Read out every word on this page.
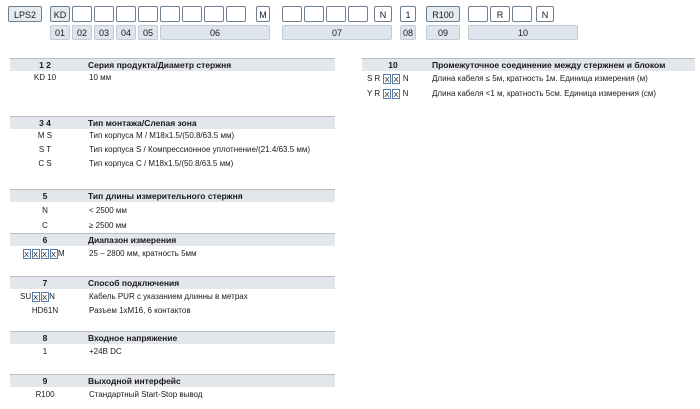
LPS2	KD	M	N	1	R100	R	N
01	02	03	04	05	06	07	08	09	10
1 2	Серия продукта/Диаметр стержня
KD 10	10 мм
3 4	Тип монтажа/Слепая зона
M S	Тип корпуса M / M18x1.5/(50.8/63.5 мм)
S T	Тип корпуса S / Компрессионное уплотнение/(21.4/63.5 мм)
C S	Тип корпуса C / M18x1.5/(50.8/63.5 мм)
5	Тип длины измерительного стержня
N	< 2500 мм
C	≥ 2500 мм
6	Диапазон измерения
X X X X M	25 – 2800 мм, кратность 5мм
7	Способ подключения
SU X X N	Кабель PUR с указанием длинны в метрах
HD61N	Разъем 1xM16, 6 контактов
8	Входное напряжение
1	+24В DC
9	Выходной интерфейс
R100	Стандартный Start-Stop вывод
10	Промежуточное соединение между стержнем и блоком
S R X X N	Длина кабеля ≤ 5м, кратность 1м. Единица измерения (м)
Y R X X N	Длина кабеля <1 м, кратность 5см. Единица измерения (см)
